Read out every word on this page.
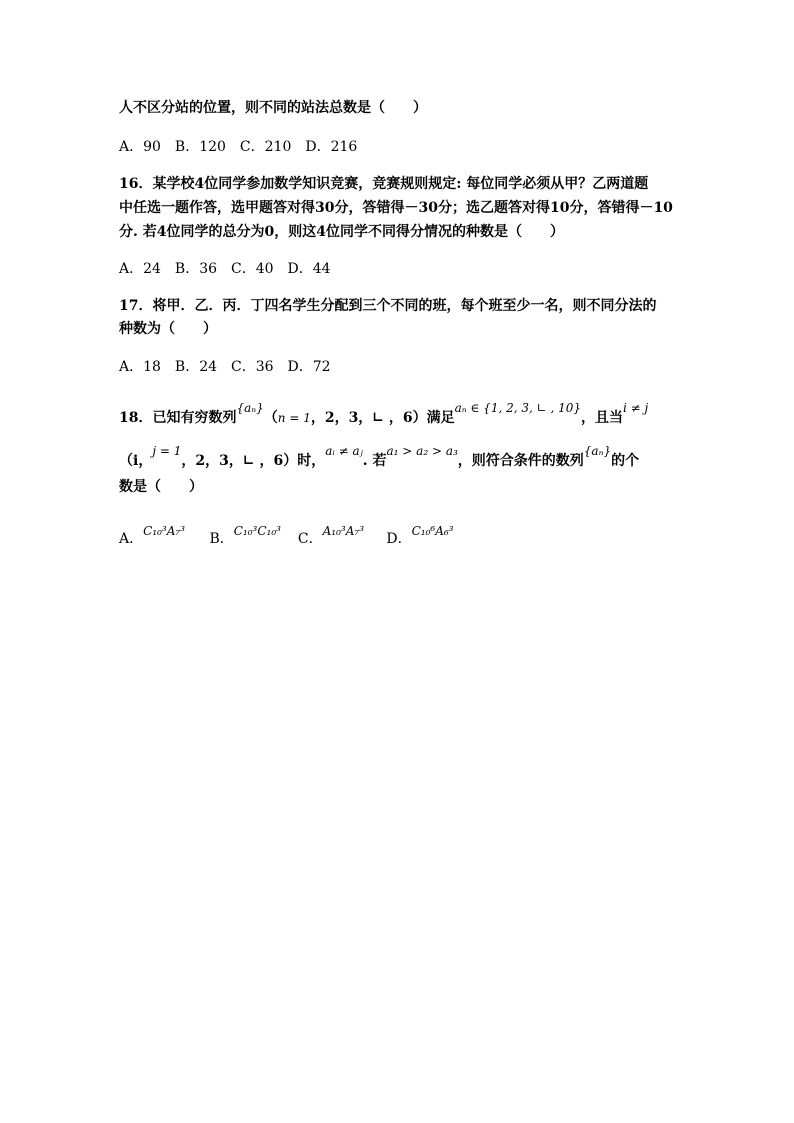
人不区分站的位置，则不同的站法总数是（　　）
A．90　B．120　C．210　D．216
16．某学校4位同学参加数学知识竞赛，竞赛规则规定: 每位同学必须从甲？乙两道题
中任选一题作答，选甲题答对得30分，答错得－30分；选乙题答对得10分，答错得－10
分. 若4位同学的总分为0，则这4位同学不同得分情况的种数是（　　）
A．24　B．36　C．40　D．44
17．将甲．乙．丙．丁四名学生分配到三个不同的班，每个班至少一名，则不同分法的
种数为（　　）
A．18　B．24　C．36　D．72
18．已知有穷数列{aₙ}（n = 1，2，3，∟ ，6）满足aₙ ∈ {1, 2, 3, ∟ , 10}，且当i ≠ j
（i，j = 1，2，3，∟ ，6）时，aᵢ ≠ aⱼ. 若a₁ > a₂ > a₃，则符合条件的数列{aₙ}的个
数是（　　）
A．C₁₀³A₇³ B．C₁₀³C₁₀³ C．A₁₀³A₇³ D．C₁₀⁶A₆³
